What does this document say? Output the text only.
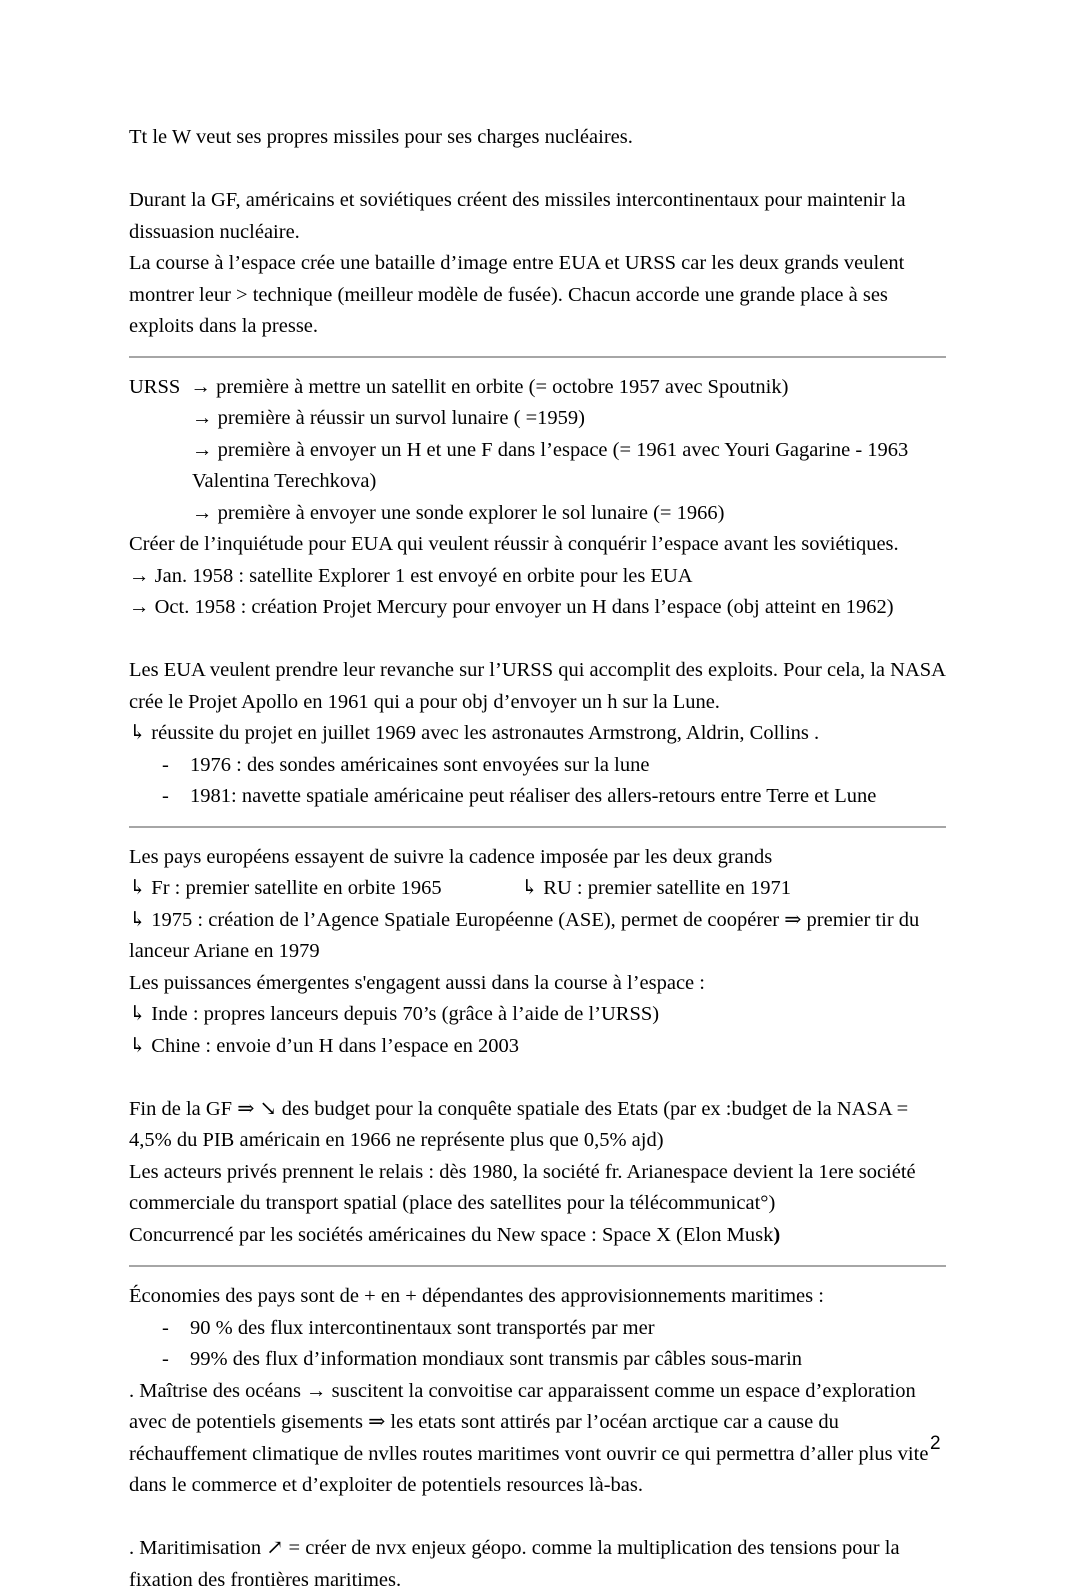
Tt le W veut ses propres missiles pour ses charges nucléaires.

Durant la GF, américains et soviétiques créent des missiles intercontinentaux pour maintenir la dissuasion nucléaire.

La course à l’espace crée une bataille d’image entre EUA et URSS car les deux grands veulent montrer leur > technique (meilleur modèle de fusée). Chacun accorde une grande place à ses exploits dans la presse.

URSS → première à mettre un satellit en orbite (= octobre 1957 avec Spoutnik)

→ première à réussir un survol lunaire ( =1959)

→ première à envoyer un H et une F dans l’espace (= 1961 avec Youri Gagarine - 1963 Valentina Terechkova)

→ première à envoyer une sonde explorer le sol lunaire (= 1966)

Créer de l’inquiétude pour EUA qui veulent réussir à conquérir l’espace avant les soviétiques.

→ Jan. 1958 : satellite Explorer 1 est envoyé en orbite pour les EUA

→ Oct. 1958 : création Projet Mercury pour envoyer un H dans l’espace (obj atteint en 1962)

Les EUA veulent prendre leur revanche sur l’URSS qui accomplit des exploits. Pour cela, la NASA crée le Projet Apollo en 1961 qui a pour obj d’envoyer un h sur la Lune.

↳ réussite du projet en juillet 1969 avec les astronautes Armstrong, Aldrin, Collins .

- 1976 : des sondes américaines sont envoyées sur la lune

- 1981: navette spatiale américaine peut réaliser des allers-retours entre Terre et Lune

Les pays européens essayent de suivre la cadence imposée par les deux grands

↳ Fr : premier satellite en orbite 1965	↳ RU : premier satellite en 1971

↳ 1975 : création de l’Agence Spatiale Européenne (ASE), permet de coopérer ⇒ premier tir du lanceur Ariane en 1979

Les puissances émergentes s'engagent aussi dans la course à l’espace :

↳ Inde : propres lanceurs depuis 70’s (grâce à l’aide de l’URSS)

↳ Chine : envoie d’un H dans l’espace en 2003

Fin de la GF ⇒ ↘ des budget pour la conquête spatiale des Etats (par ex :budget de la NASA = 4,5% du PIB américain en 1966 ne représente plus que 0,5% ajd)

Les acteurs privés prennent le relais : dès 1980, la société fr. Arianespace devient la 1ere société commerciale du transport spatial (place des satellites pour la télécommunicat°)

Concurrencé par les sociétés américaines du New space : Space X (Elon Musk)

Économies des pays sont de + en + dépendantes des approvisionnements maritimes :

- 90 % des flux intercontinentaux sont transportés par mer

- 99% des flux d’information mondiaux sont transmis par câbles sous-marin

. Maîtrise des océans → suscitent la convoitise car apparaissent comme un espace d’exploration avec de potentiels gisements ⇒ les etats sont attirés par l’océan arctique car a cause du réchauffement climatique de nvlles routes maritimes vont ouvrir ce qui permettra d’aller plus vite dans le commerce et d’exploiter de potentiels resources là-bas.

. Maritimisation ↗ = créer de nvx enjeux géopo. comme la multiplication des tensions pour la fixation des frontières maritimes.

2
